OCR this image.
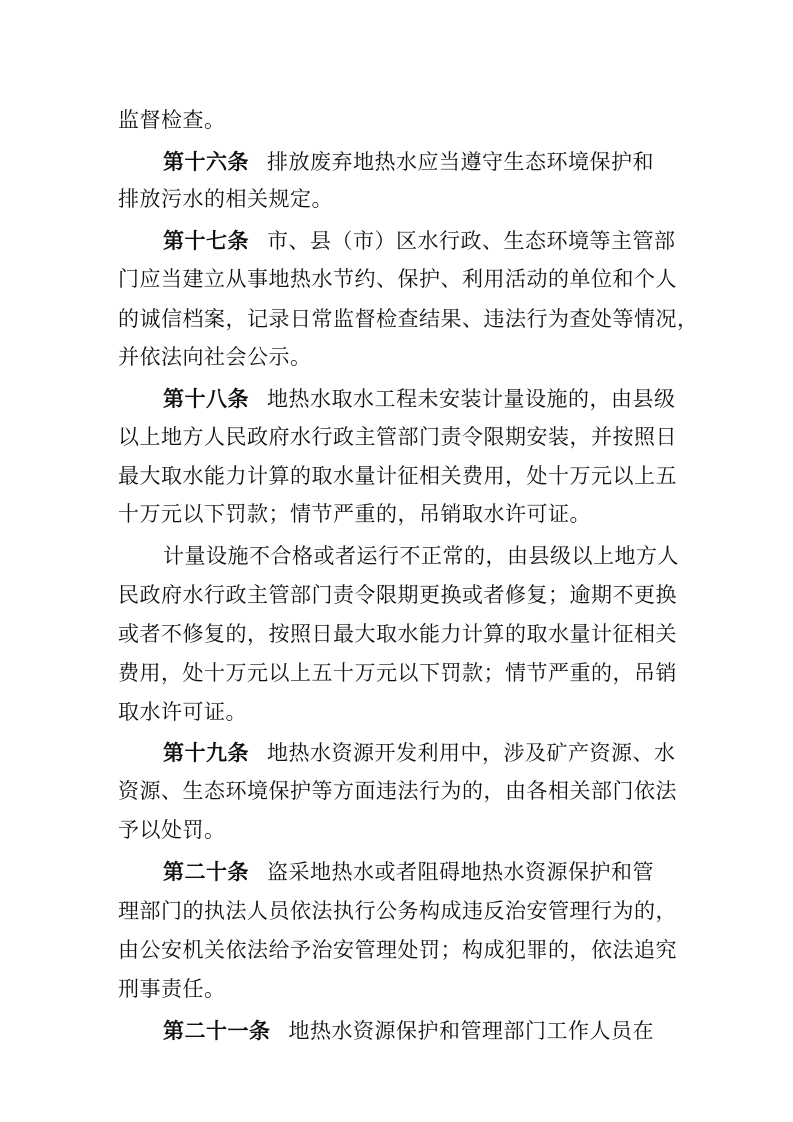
监督检查。
第十六条 排放废弃地热水应当遵守生态环境保护和
排放污水的相关规定。
第十七条 市、县（市）区水行政、生态环境等主管部
门应当建立从事地热水节约、保护、利用活动的单位和个人
的诚信档案，记录日常监督检查结果、违法行为查处等情况，
并依法向社会公示。
第十八条 地热水取水工程未安装计量设施的，由县级
以上地方人民政府水行政主管部门责令限期安装，并按照日
最大取水能力计算的取水量计征相关费用，处十万元以上五
十万元以下罚款；情节严重的，吊销取水许可证。
计量设施不合格或者运行不正常的，由县级以上地方人
民政府水行政主管部门责令限期更换或者修复；逾期不更换
或者不修复的，按照日最大取水能力计算的取水量计征相关
费用，处十万元以上五十万元以下罚款；情节严重的，吊销
取水许可证。
第十九条 地热水资源开发利用中，涉及矿产资源、水
资源、生态环境保护等方面违法行为的，由各相关部门依法
予以处罚。
第二十条 盗采地热水或者阻碍地热水资源保护和管
理部门的执法人员依法执行公务构成违反治安管理行为的，
由公安机关依法给予治安管理处罚；构成犯罪的，依法追究
刑事责任。
第二十一条 地热水资源保护和管理部门工作人员在
